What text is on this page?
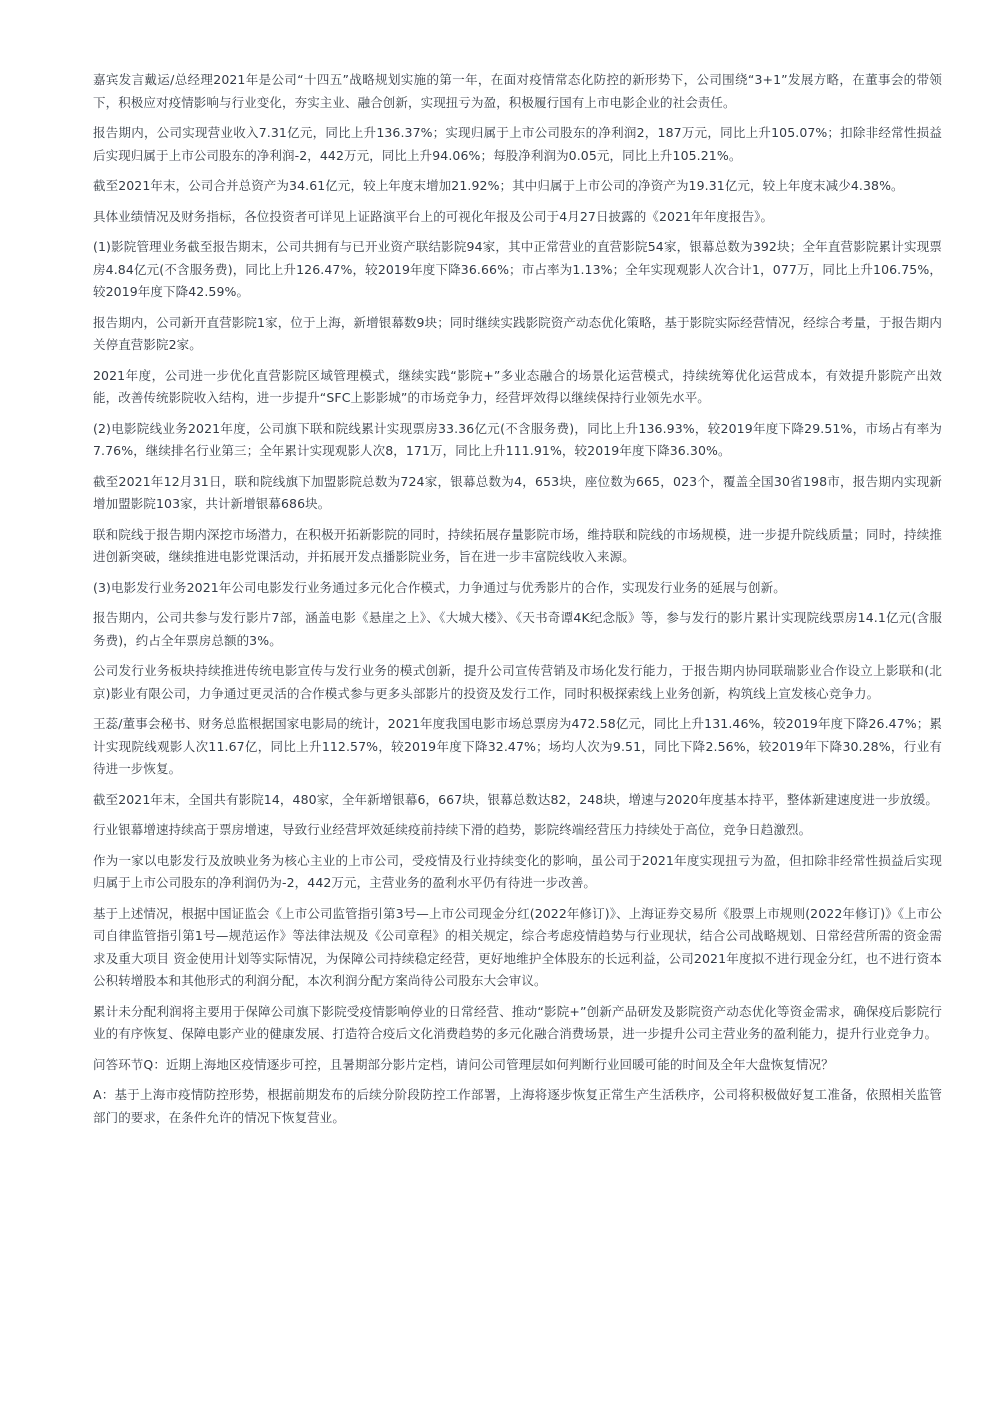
嘉宾发言戴运/总经理2021年是公司“十四五”战略规划实施的第一年，在面对疫情常态化防控的新形势下，公司围绕“3+1”发展方略，在董事会的带领下，积极应对疫情影响与行业变化，夯实主业、融合创新，实现扭亏为盈，积极履行国有上市电影企业的社会责任。

报告期内，公司实现营业收入7.31亿元，同比上升136.37%；实现归属于上市公司股东的净利润2，187万元，同比上升105.07%；扣除非经常性损益后实现归属于上市公司股东的净利润-2，442万元，同比上升94.06%；每股净利润为0.05元，同比上升105.21%。

截至2021年末，公司合并总资产为34.61亿元，较上年度末增加21.92%；其中归属于上市公司的净资产为19.31亿元，较上年度末减少4.38%。

具体业绩情况及财务指标，各位投资者可详见上证路演平台上的可视化年报及公司于4月27日披露的《2021年年度报告》。

(1)影院管理业务截至报告期末，公司共拥有与已开业资产联结影院94家，其中正常营业的直营影院54家，银幕总数为392块；全年直营影院累计实现票房4.84亿元(不含服务费)，同比上升126.47%，较2019年度下降36.66%；市占率为1.13%；全年实现观影人次合计1，077万，同比上升106.75%，较2019年度下降42.59%。

报告期内，公司新开直营影院1家，位于上海，新增银幕数9块；同时继续实践影院资产动态优化策略，基于影院实际经营情况，经综合考量，于报告期内关停直营影院2家。

2021年度，公司进一步优化直营影院区域管理模式，继续实践“影院+”多业态融合的场景化运营模式，持续统筹优化运营成本，有效提升影院产出效能，改善传统影院收入结构，进一步提升“SFC上影影城”的市场竞争力，经营坪效得以继续保持行业领先水平。

(2)电影院线业务2021年度，公司旗下联和院线累计实现票房33.36亿元(不含服务费)，同比上升136.93%，较2019年度下降29.51%，市场占有率为7.76%，继续排名行业第三；全年累计实现观影人次8，171万，同比上升111.91%，较2019年度下降36.30%。

截至2021年12月31日，联和院线旗下加盟影院总数为724家，银幕总数为4，653块，座位数为665，023个，覆盖全国30省198市，报告期内实现新增加盟影院103家，共计新增银幕686块。

联和院线于报告期内深挖市场潜力，在积极开拓新影院的同时，持续拓展存量影院市场，维持联和院线的市场规模，进一步提升院线质量；同时，持续推进创新突破，继续推进电影党课活动，并拓展开发点播影院业务，旨在进一步丰富院线收入来源。

(3)电影发行业务2021年公司电影发行业务通过多元化合作模式，力争通过与优秀影片的合作，实现发行业务的延展与创新。

报告期内，公司共参与发行影片7部，涵盖电影《悬崖之上》、《大城大楼》、《天书奇谭4K纪念版》等，参与发行的影片累计实现院线票房14.1亿元(含服务费)，约占全年票房总额的3%。

公司发行业务板块持续推进传统电影宣传与发行业务的模式创新，提升公司宣传营销及市场化发行能力，于报告期内协同联瑞影业合作设立上影联和(北京)影业有限公司，力争通过更灵活的合作模式参与更多头部影片的投资及发行工作，同时积极探索线上业务创新，构筑线上宣发核心竞争力。

王蕊/董事会秘书、财务总监根据国家电影局的统计，2021年度我国电影市场总票房为472.58亿元，同比上升131.46%，较2019年度下降26.47%；累计实现院线观影人次11.67亿，同比上升112.57%，较2019年度下降32.47%；场均人次为9.51，同比下降2.56%，较2019年下降30.28%，行业有待进一步恢复。

截至2021年末，全国共有影院14，480家，全年新增银幕6，667块，银幕总数达82，248块，增速与2020年度基本持平，整体新建速度进一步放缓。

行业银幕增速持续高于票房增速，导致行业经营坪效延续疫前持续下滑的趋势，影院终端经营压力持续处于高位，竞争日趋激烈。

作为一家以电影发行及放映业务为核心主业的上市公司，受疫情及行业持续变化的影响，虽公司于2021年度实现扭亏为盈，但扣除非经常性损益后实现归属于上市公司股东的净利润仍为-2，442万元，主营业务的盈利水平仍有待进一步改善。

基于上述情况，根据中国证监会《上市公司监管指引第3号—上市公司现金分红(2022年修订)》、上海证券交易所《股票上市规则(2022年修订)》《上市公司自律监管指引第1号—规范运作》等法律法规及《公司章程》的相关规定，综合考虑疫情趋势与行业现状，结合公司战略规划、日常经营所需的资金需求及重大项目 资金使用计划等实际情况，为保障公司持续稳定经营，更好地维护全体股东的长远利益，公司2021年度拟不进行现金分红，也不进行资本公积转增股本和其他形式的利润分配，本次利润分配方案尚待公司股东大会审议。

累计未分配利润将主要用于保障公司旗下影院受疫情影响停业的日常经营、推动“影院+”创新产品研发及影院资产动态优化等资金需求，确保疫后影院行业的有序恢复、保障电影产业的健康发展、打造符合疫后文化消费趋势的多元化融合消费场景，进一步提升公司主营业务的盈利能力，提升行业竞争力。

问答环节Q：近期上海地区疫情逐步可控，且暑期部分影片定档，请问公司管理层如何判断行业回暖可能的时间及全年大盘恢复情况？

A：基于上海市疫情防控形势，根据前期发布的后续分阶段防控工作部署，上海将逐步恢复正常生产生活秩序，公司将积极做好复工准备，依照相关监管部门的要求，在条件允许的情况下恢复营业。
